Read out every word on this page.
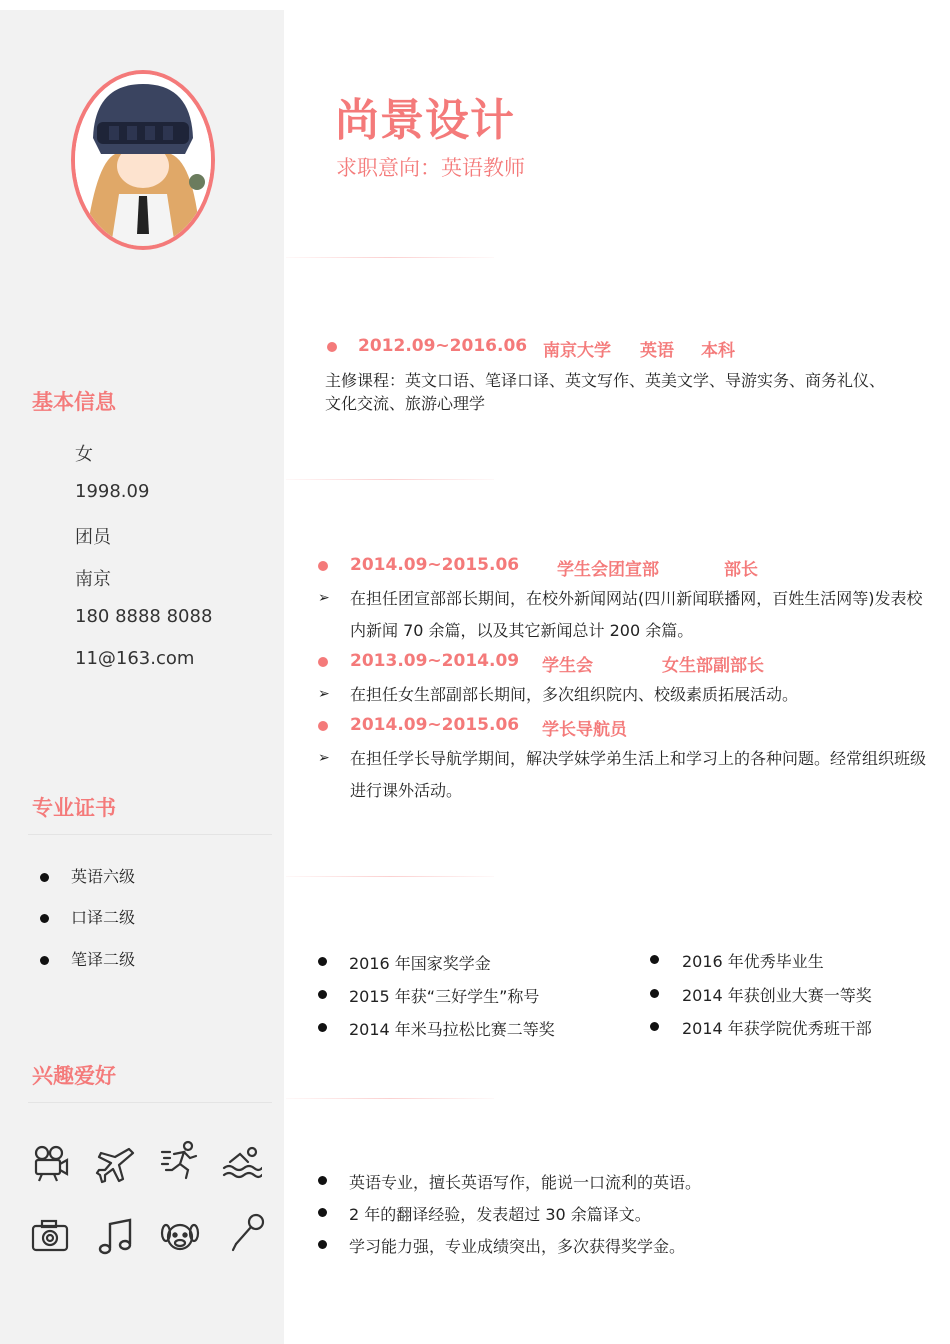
基本信息
女
1998.09
团员
南京
180 8888 8088
11@163.com
专业证书
英语六级
口译二级
笔译二级
兴趣爱好
尚景设计
求职意向：英语教师
2012.09~2016.06 南京大学 英语 本科
主修课程：英文口语、笔译口译、英文写作、英美文学、导游实务、商务礼仪、
文化交流、旅游心理学
2014.09~2015.06 学生会团宣部	部长
➢ 在担任团宣部部长期间，在校外新闻网站(四川新闻联播网，百姓生活网等)发表校内新闻 70 余篇，以及其它新闻总计 200 余篇。
2013.09~2014.09 学生会	女生部副部长
➢ 在担任女生部副部长期间，多次组织院内、校级素质拓展活动。
2014.09~2015.06 学长导航员
➢ 在担任学长导航学期间，解决学妹学弟生活上和学习上的各种问题。经常组织班级进行课外活动。
2016 年国家奖学金
2015 年获“三好学生”称号
2014 年米马拉松比赛二等奖
2016 年优秀毕业生
2014 年获创业大赛一等奖
2014 年获学院优秀班干部
英语专业，擅长英语写作，能说一口流利的英语。
2 年的翻译经验，发表超过 30 余篇译文。
学习能力强，专业成绩突出，多次获得奖学金。
